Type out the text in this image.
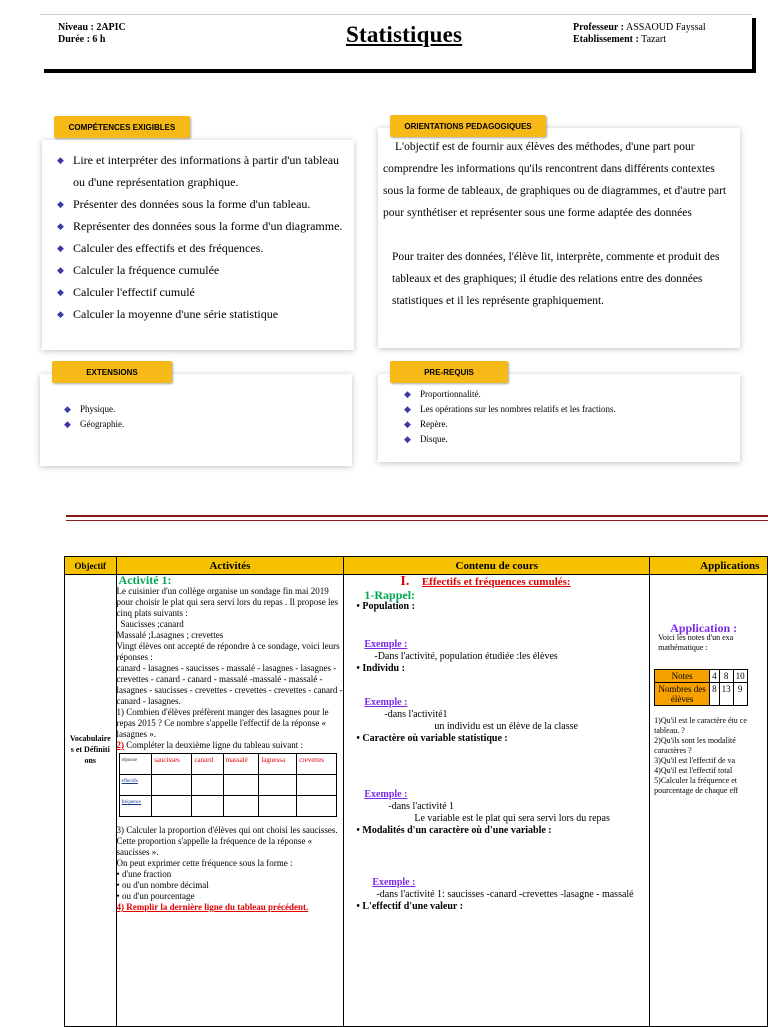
Niveau : 2APIC
Durée : 6 h	Statistiques	Professeur : ASSAOUD Fayssal
Etablissement : Tazart
◆ Lire et interpréter des informations à partir d'un tableau ou d'une représentation graphique.
◆ Présenter des données sous la forme d'un tableau.
◆ Représenter des données sous la forme d'un diagramme.
◆ Calculer des effectifs et des fréquences.
◆ Calculer la fréquence cumulée
◆ Calculer l'effectif cumulé
◆ Calculer la moyenne d'une série statistique
COMPÉTENCES EXIGIBLES

L'objectif est de fournir aux élèves des méthodes, d'une part pour comprendre les informations qu'ils rencontrent dans différents contextes sous la forme de tableaux, de graphiques ou de diagrammes, et d'autre part pour synthétiser et représenter sous une forme adaptée des données

Pour traiter des données, l'élève lit, interprète, commente et produit des tableaux et des graphiques; il étudie des relations entre des données statistiques et il les représente graphiquement.

ORIENTATIONS PEDAGOGIQUES
◆ Physique.
◆ Géographie.
EXTENSIONS
◆ Proportionnalité.
◆ Les opérations sur les nombres relatifs et les fractions.
◆ Repère.
◆ Disque.
PRE-REQUIS
Objectif	Activités	Contenu de cours	Applications

Vocabulaires et Définitions

Activité 1:
Le cuisinier d'un collège organise un sondage fin mai 2019 pour choisir le plat qui sera servi lors du repas . Il propose les cinq plats suivants :
Saucisses ;canard
Massalé ;Lasagnes ; crevettes
Vingt élèves ont accepté de répondre à ce sondage, voici leurs réponses :
canard - lasagnes - saucisses - massalé - lasagnes - lasagnes - crevettes - canard - canard - massalé -massalé - massalé - lasagnes - saucisses - crevettes - crevettes - crevettes - canard - canard - lasagnes.
1) Combien d'élèves préfèrent manger des lasagnes pour le repas 2015 ? Ce nombre s'appelle l'effectif de la réponse « lasagnes ».
2) Compléter la deuxième ligne du tableau suivant :
réponse	saucisses	canard	massalé	lagnessa	crevettes
effectifs					
fréquence					
3) Calculer la proportion d'élèves qui ont choisi les saucisses.
Cette proportion s'appelle la fréquence de la réponse « saucisses ».
On peut exprimer cette fréquence sous la forme :
• d'une fraction
• ou d'un nombre décimal
• ou d'un pourcentage
4) Remplir la dernière ligne du tableau précédent.

I. Effectifs et fréquences cumulés:
1-Rappel:
• Population :
Exemple :
-Dans l'activité, population étudiée :les élèves
• Individu :
Exemple :
-dans l'activité1
un individu est un élève de la classe
• Caractère où variable statistique :
Exemple :
-dans l'activité 1
Le variable est le plat qui sera servi lors du repas
• Modalités d'un caractère où d'une variable :
Exemple :
-dans l'activité 1: saucisses -canard -crevettes -lasagne - massalé
• L'effectif d'une valeur :

Application :
Voici les notes d'un exa mathématique :
Notes	4	8	10
Nombres des élèves	8	13	9
1)Qu'il est le caractère étu ce tableau. ?
2)Qu'ils sont les modalité caractères ?
3)Qu'il est l'effectif de va
4)Qu'il est l'effectif total
5)Calculer la fréquence et pourcentage de chaque eff
